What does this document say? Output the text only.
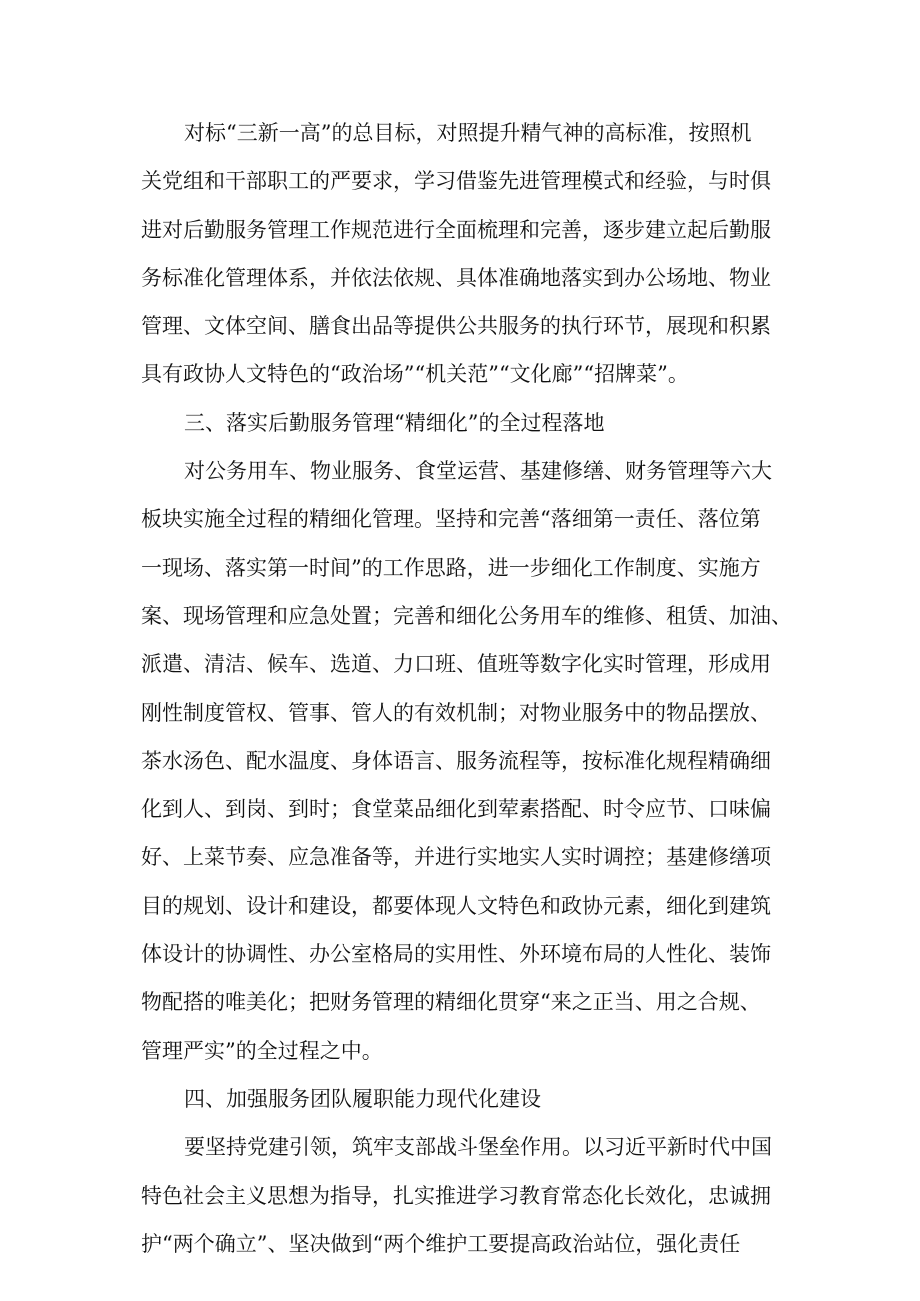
对标“三新一高”的总目标，对照提升精气神的高标准，按照机
关党组和干部职工的严要求，学习借鉴先进管理模式和经验，与时俱
进对后勤服务管理工作规范进行全面梳理和完善，逐步建立起后勤服
务标准化管理体系，并依法依规、具体准确地落实到办公场地、物业
管理、文体空间、膳食出品等提供公共服务的执行环节，展现和积累
具有政协人文特色的“政治场”“机关范”“文化廊”“招牌菜”。
三、落实后勤服务管理“精细化”的全过程落地
对公务用车、物业服务、食堂运营、基建修缮、财务管理等六大
板块实施全过程的精细化管理。坚持和完善“落细第一责任、落位第
一现场、落实第一时间”的工作思路，进一步细化工作制度、实施方
案、现场管理和应急处置；完善和细化公务用车的维修、租赁、加油、
派遣、清洁、候车、选道、力口班、值班等数字化实时管理，形成用
刚性制度管权、管事、管人的有效机制；对物业服务中的物品摆放、
茶水汤色、配水温度、身体语言、服务流程等，按标准化规程精确细
化到人、到岗、到时；食堂菜品细化到荤素搭配、时令应节、口味偏
好、上菜节奏、应急准备等，并进行实地实人实时调控；基建修缮项
目的规划、设计和建设，都要体现人文特色和政协元素，细化到建筑
体设计的协调性、办公室格局的实用性、外环境布局的人性化、装饰
物配搭的唯美化；把财务管理的精细化贯穿“来之正当、用之合规、
管理严实”的全过程之中。
四、加强服务团队履职能力现代化建设
要坚持党建引领，筑牢支部战斗堡垒作用。以习近平新时代中国
特色社会主义思想为指导，扎实推进学习教育常态化长效化，忠诚拥
护“两个确立”、坚决做到“两个维护工要提高政治站位，强化责任
